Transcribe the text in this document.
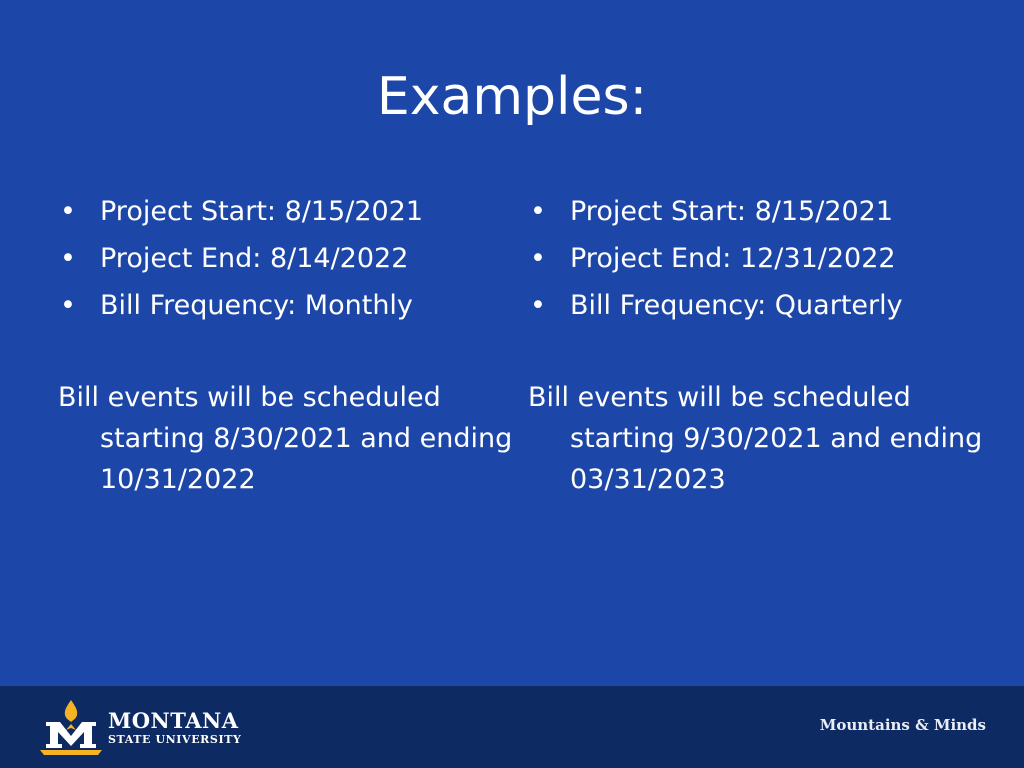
Examples:
• Project Start: 8/15/2021
• Project End: 8/14/2022
• Bill Frequency: Monthly
Bill events will be scheduled starting 8/30/2021 and ending 10/31/2022
• Project Start: 8/15/2021
• Project End: 12/31/2022
• Bill Frequency: Quarterly
Bill events will be scheduled starting 9/30/2021 and ending 03/31/2023
MONTANA
STATE UNIVERSITY
Mountains & Minds
